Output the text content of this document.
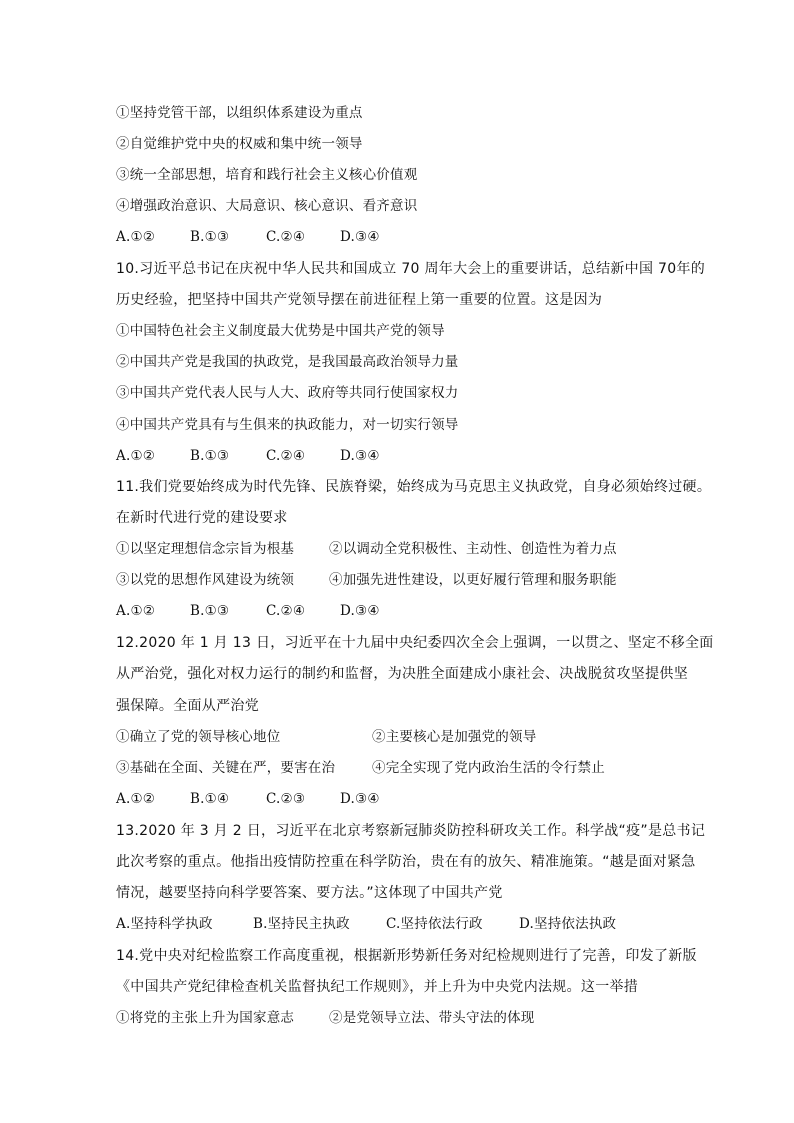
①坚持党管干部，以组织体系建设为重点
②自觉维护党中央的权威和集中统一领导
③统一全部思想，培育和践行社会主义核心价值观
④增强政治意识、大局意识、核心意识、看齐意识
A.①②	B.①③	C.②④	D.③④
10.习近平总书记在庆祝中华人民共和国成立 70 周年大会上的重要讲话，总结新中国 70年的
历史经验，把坚持中国共产党领导摆在前进征程上第一重要的位置。这是因为
①中国特色社会主义制度最大优势是中国共产党的领导
②中国共产党是我国的执政党，是我国最高政治领导力量
③中国共产党代表人民与人大、政府等共同行使国家权力
④中国共产党具有与生俱来的执政能力，对一切实行领导
A.①②	B.①③	C.②④	D.③④
11.我们党要始终成为时代先锋、民族脊梁，始终成为马克思主义执政党，自身必须始终过硬。
在新时代进行党的建设要求
①以坚定理想信念宗旨为根基	②以调动全党积极性、主动性、创造性为着力点
③以党的思想作风建设为统领	④加强先进性建设，以更好履行管理和服务职能
A.①②	B.①③	C.②④	D.③④
12.2020 年 1 月 13 日，习近平在十九届中央纪委四次全会上强调，一以贯之、坚定不移全面
从严治党，强化对权力运行的制约和监督，为决胜全面建成小康社会、决战脱贫攻坚提供坚
强保障。全面从严治党
①确立了党的领导核心地位	②主要核心是加强党的领导
③基础在全面、关键在严，要害在治	④完全实现了党内政治生活的令行禁止
A.①②	B.①④	C.②③	D.③④
13.2020 年 3 月 2 日，习近平在北京考察新冠肺炎防控科研攻关工作。科学战“疫”是总书记
此次考察的重点。他指出疫情防控重在科学防治，贵在有的放矢、精准施策。“越是面对紧急
情况，越要坚持向科学要答案、要方法。”这体现了中国共产党
A.坚持科学执政	B.坚持民主执政	C.坚持依法行政	D.坚持依法执政
14.党中央对纪检监察工作高度重视，根据新形势新任务对纪检规则进行了完善，印发了新版
《中国共产党纪律检查机关监督执纪工作规则》，并上升为中央党内法规。这一举措
①将党的主张上升为国家意志	②是党领导立法、带头守法的体现
